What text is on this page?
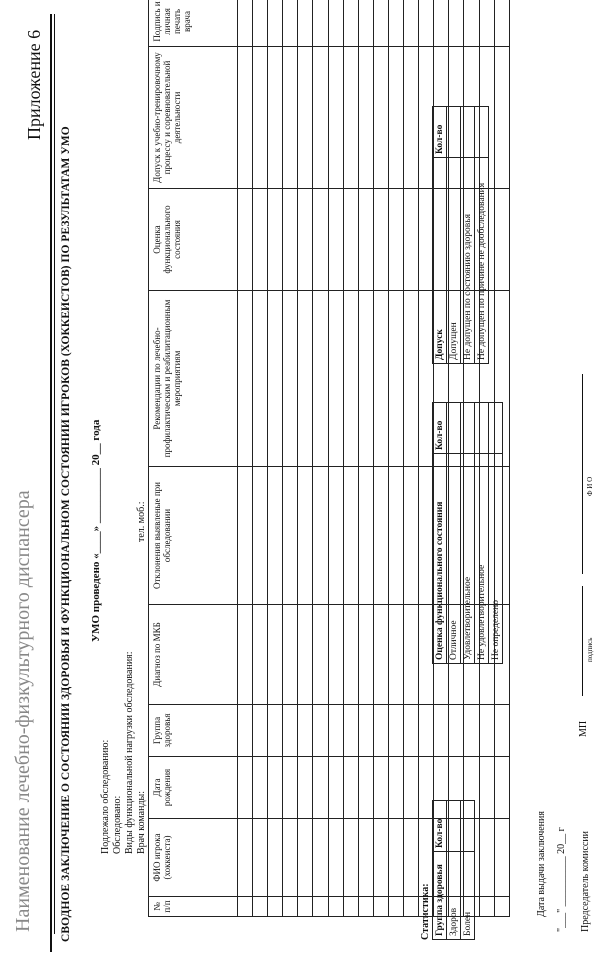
Наименование лечебно-физкультурного диспансера
Приложение 6
СВОДНОЕ ЗАКЛЮЧЕНИЕ О СОСТОЯНИИ ЗДОРОВЬЯ И ФУНКЦИОНАЛЬНОМ СОСТОЯНИИ ИГРОКОВ (ХОККЕИСТОВ) ПО РЕЗУЛЬТАТАМ УМО УМО проведено «____» __________ 20__ года
Подлежало обследованию: Обследовано: Виды функциональной нагрузки обследования: Врач команды:
тел. моб.:
№ п/п	ФИО игрока (хоккеиста)	Дата рождения	Группа здоровья	Диагноз по МКБ	Отклонения выявленые при обследовании	Рекомендации по лечебно-профилактическим и реабилитационным мероприятиям	Оценка функционального состояния	Допуск к учебно-тренировочному процессу и соревновательной деятельности	Подпись и личная печать врача

Статистика: Группа здоровья	Кол-во
Здоров	
Болен	
Оценка функционального состояния	Кол-во
Отличное	
Удовлетворительное	
Не удовлетворительное	
Не определено	
Допуск	Кол-во
Допущен	
Не допущен по состоянию здоровья	
Не допущен по причине не дообследования	
Дата выдачи заключения "___" __________ 20__ г Председатель комиссии
МП
подпись
Ф И О
